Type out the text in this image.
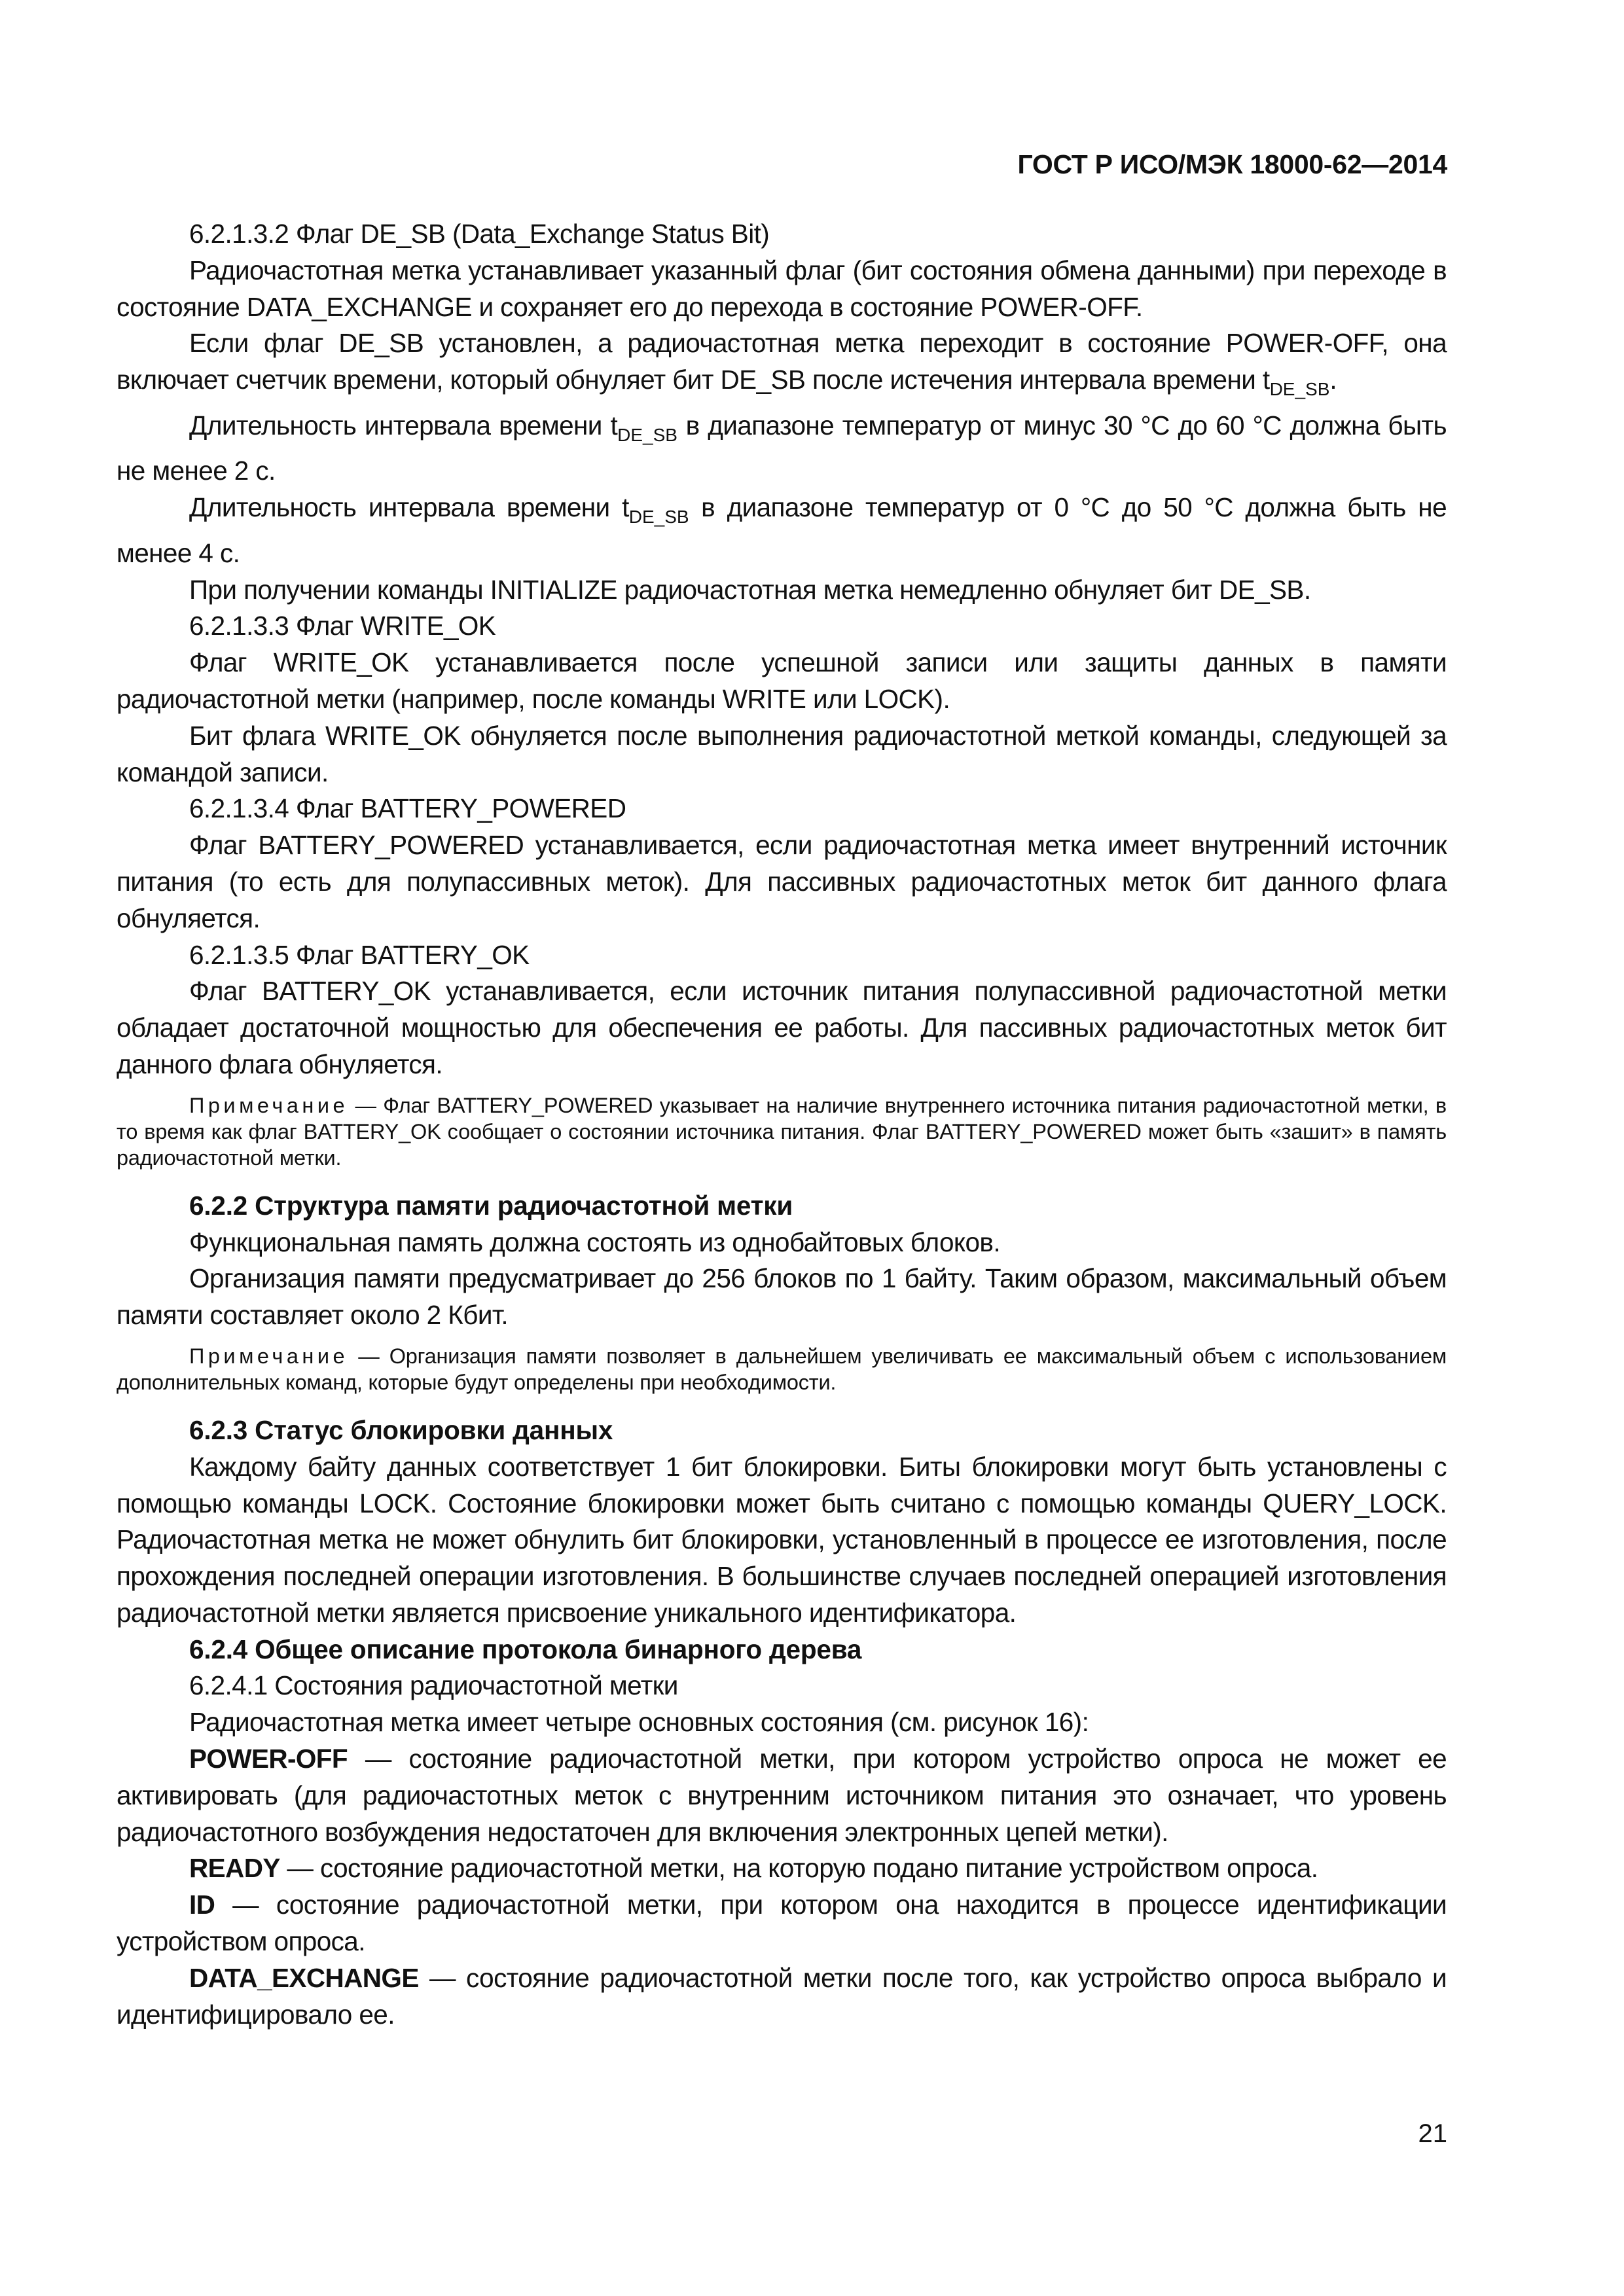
ГОСТ Р ИСО/МЭК 18000-62—2014

6.2.1.3.2 Флаг DE_SB (Data_Exchange Status Bit)

Радиочастотная метка устанавливает указанный флаг (бит состояния обмена данными) при переходе в состояние DATA_EXCHANGE и сохраняет его до перехода в состояние POWER-OFF.

Если флаг DE_SB установлен, а радиочастотная метка переходит в состояние POWER-OFF, она включает счетчик времени, который обнуляет бит DE_SB после истечения интервала времени $t_{DE\_SB}$.

Длительность интервала времени $t_{DE\_SB}$ в диапазоне температур от минус 30 °С до 60 °С должна быть не менее 2 с.

Длительность интервала времени $t_{DE\_SB}$ в диапазоне температур от 0 °С до 50 °С должна быть не менее 4 с.

При получении команды INITIALIZE радиочастотная метка немедленно обнуляет бит DE_SB.

6.2.1.3.3 Флаг WRITE_OK

Флаг WRITE_OK устанавливается после успешной записи или защиты данных в памяти радиочастотной метки (например, после команды WRITE или LOCK).

Бит флага WRITE_OK обнуляется после выполнения радиочастотной меткой команды, следующей за командой записи.

6.2.1.3.4 Флаг BATTERY_POWERED

Флаг BATTERY_POWERED устанавливается, если радиочастотная метка имеет внутренний источник питания (то есть для полупассивных меток). Для пассивных радиочастотных меток бит данного флага обнуляется.

6.2.1.3.5 Флаг BATTERY_OK

Флаг BATTERY_OK устанавливается, если источник питания полупассивной радиочастотной метки обладает достаточной мощностью для обеспечения ее работы. Для пассивных радиочастотных меток бит данного флага обнуляется.

Примечание — Флаг BATTERY_POWERED указывает на наличие внутреннего источника питания радиочастотной метки, в то время как флаг BATTERY_OK сообщает о состоянии источника питания. Флаг BATTERY_POWERED может быть «зашит» в память радиочастотной метки.

6.2.2 Структура памяти радиочастотной метки

Функциональная память должна состоять из однобайтовых блоков.

Организация памяти предусматривает до 256 блоков по 1 байту. Таким образом, максимальный объем памяти составляет около 2 Кбит.

Примечание — Организация памяти позволяет в дальнейшем увеличивать ее максимальный объем с использованием дополнительных команд, которые будут определены при необходимости.

6.2.3 Статус блокировки данных

Каждому байту данных соответствует 1 бит блокировки. Биты блокировки могут быть установлены с помощью команды LOCK. Состояние блокировки может быть считано с помощью команды QUERY_LOCK. Радиочастотная метка не может обнулить бит блокировки, установленный в процессе ее изготовления, после прохождения последней операции изготовления. В большинстве случаев последней операцией изготовления радиочастотной метки является присвоение уникального идентификатора.

6.2.4 Общее описание протокола бинарного дерева

6.2.4.1 Состояния радиочастотной метки

Радиочастотная метка имеет четыре основных состояния (см. рисунок 16):

POWER-OFF — состояние радиочастотной метки, при котором устройство опроса не может ее активировать (для радиочастотных меток с внутренним источником питания это означает, что уровень радиочастотного возбуждения недостаточен для включения электронных цепей метки).

READY — состояние радиочастотной метки, на которую подано питание устройством опроса.

ID — состояние радиочастотной метки, при котором она находится в процессе идентификации устройством опроса.

DATA_EXCHANGE — состояние радиочастотной метки после того, как устройство опроса выбрало и идентифицировало ее.

21
